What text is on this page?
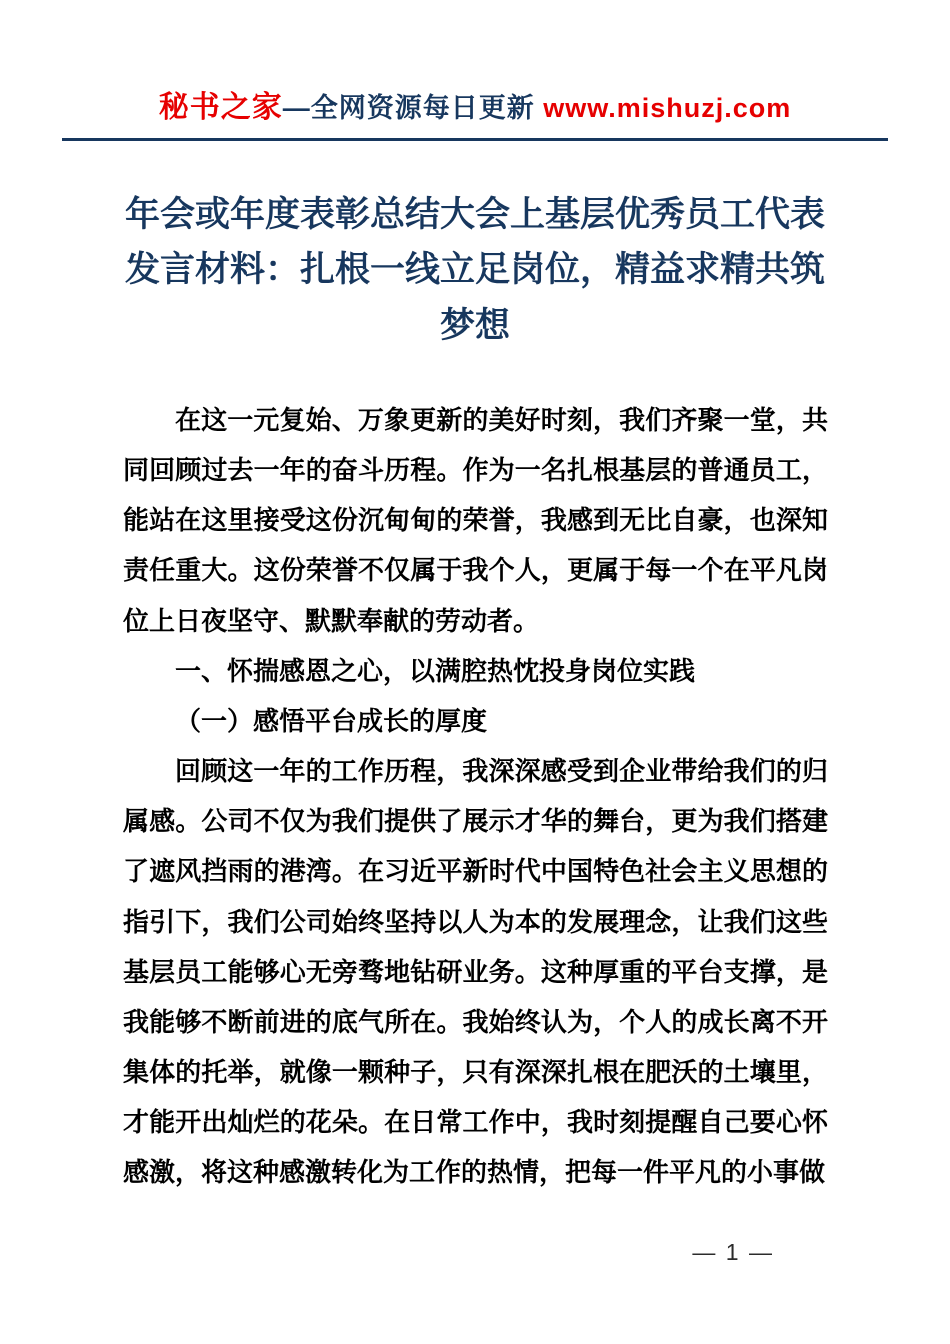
秘书之家—全网资源每日更新 www.mishuzj.com
年会或年度表彰总结大会上基层优秀员工代表发言材料：扎根一线立足岗位，精益求精共筑梦想

在这一元复始、万象更新的美好时刻，我们齐聚一堂，共同回顾过去一年的奋斗历程。作为一名扎根基层的普通员工，能站在这里接受这份沉甸甸的荣誉，我感到无比自豪，也深知责任重大。这份荣誉不仅属于我个人，更属于每一个在平凡岗位上日夜坚守、默默奉献的劳动者。

一、怀揣感恩之心，以满腔热忱投身岗位实践

（一）感悟平台成长的厚度

回顾这一年的工作历程，我深深感受到企业带给我们的归属感。公司不仅为我们提供了展示才华的舞台，更为我们搭建了遮风挡雨的港湾。在习近平新时代中国特色社会主义思想的指引下，我们公司始终坚持以人为本的发展理念，让我们这些基层员工能够心无旁骛地钻研业务。这种厚重的平台支撑，是我能够不断前进的底气所在。我始终认为，个人的成长离不开集体的托举，就像一颗种子，只有深深扎根在肥沃的土壤里，才能开出灿烂的花朵。在日常工作中，我时刻提醒自己要心怀感激，将这种感激转化为工作的热情，把每一件平凡的小事做

— 1 —
